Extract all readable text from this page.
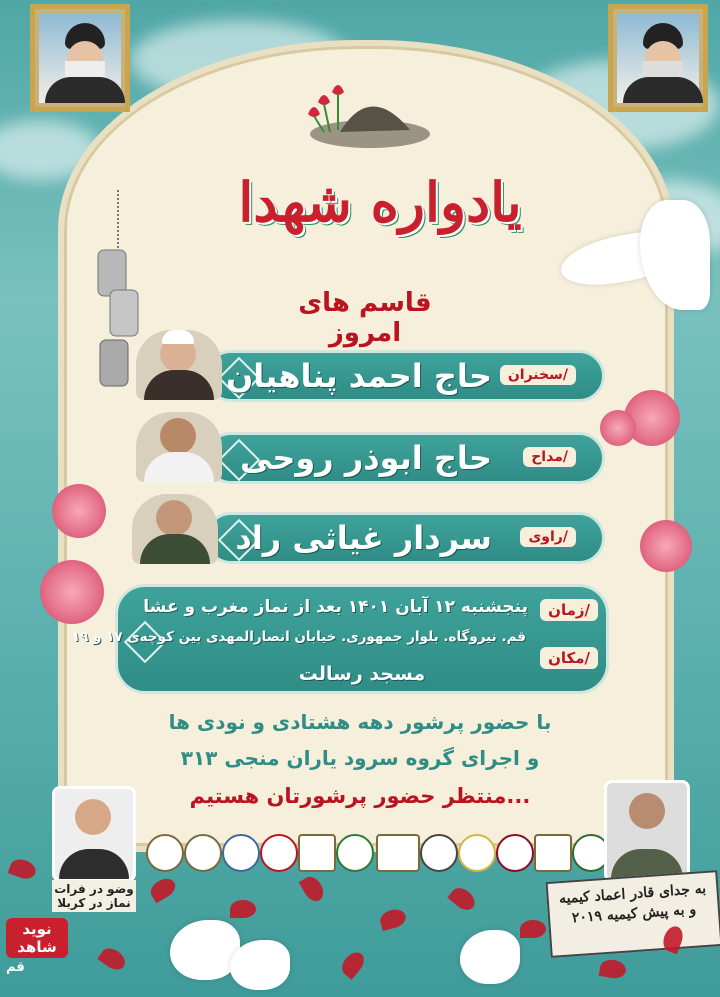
یادواره شهدا
قاسم های امروز
سخنران/
حاج احمد پناهیان
مداح/
حاج ابوذر روحی
راوی/
سردار غیاثی راد
زمان/
پنجشنبه ۱۲ آبان ۱۴۰۱ بعد از نماز مغرب و عشا
مکان/
قم. نیروگاه. بلوار جمهوری. خیابان انصارالمهدی بین کوچه‌ی ۱۷ و ۱۹
مسجد رسالت
با حضور پرشور دهه هشتادی و نودی ها
و اجرای گروه سرود یاران منجی ۳۱۳
منتظر حضور پرشورتان هستیم...
وضو در فرات نماز در کربلا	به جدای قادر اعماد کیمیه و به پیش کیمیه ۲۰۱۹
نوید شاهد
قم
